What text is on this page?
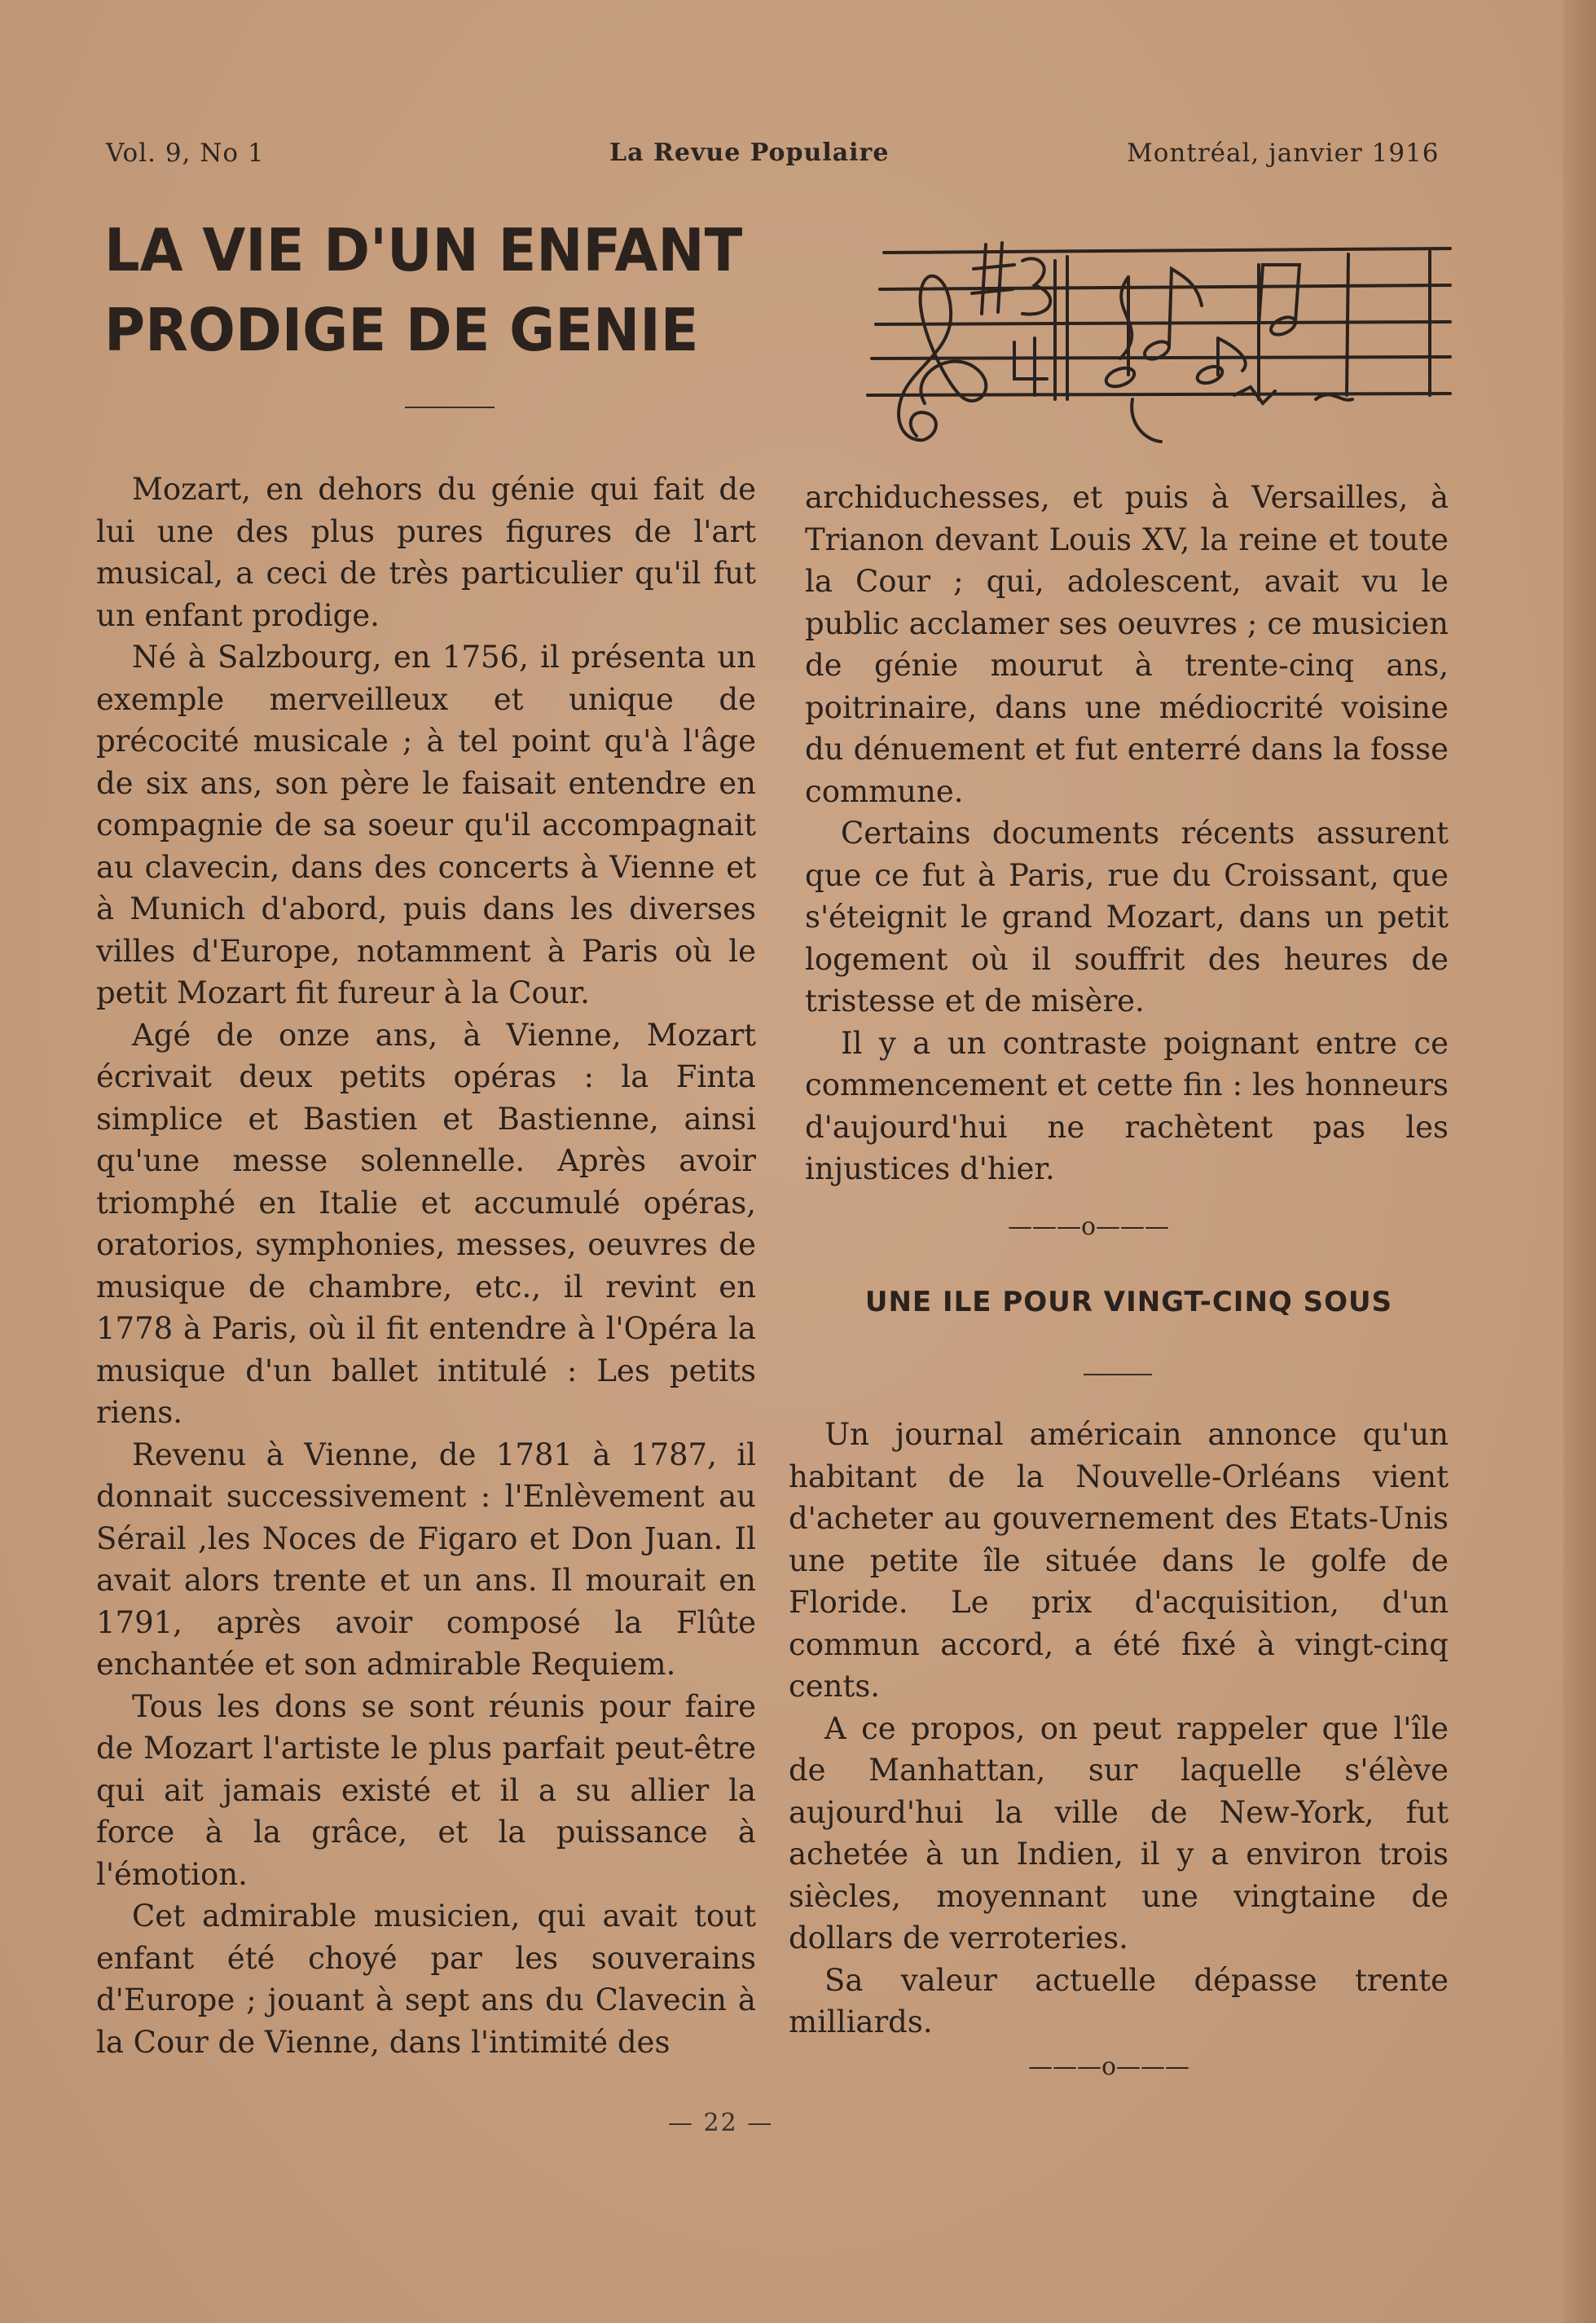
Vol. 9, No 1	La Revue Populaire	Montréal, janvier 1916
LA VIE D'UN ENFANT
PRODIGE DE GENIE

Mozart, en dehors du génie qui fait de lui une des plus pures figures de l'art musical, a ceci de très particulier qu'il fut un enfant prodige.

Né à Salzbourg, en 1756, il présenta un exemple merveilleux et unique de précocité musicale ; à tel point qu'à l'âge de six ans, son père le faisait entendre en compagnie de sa soeur qu'il accompagnait au clavecin, dans des concerts à Vienne et à Munich d'abord, puis dans les diverses villes d'Europe, notamment à Paris où le petit Mozart fit fureur à la Cour.

Agé de onze ans, à Vienne, Mozart écrivait deux petits opéras : la Finta simplice et Bastien et Bastienne, ainsi qu'une messe solennelle. Après avoir triomphé en Italie et accumulé opéras, oratorios, symphonies, messes, oeuvres de musique de chambre, etc., il revint en 1778 à Paris, où il fit entendre à l'Opéra la musique d'un ballet intitulé : Les petits riens.

Revenu à Vienne, de 1781 à 1787, il donnait successivement : l'Enlèvement au Sérail ,les Noces de Figaro et Don Juan. Il avait alors trente et un ans. Il mourait en 1791, après avoir composé la Flûte enchantée et son admirable Requiem.

Tous les dons se sont réunis pour faire de Mozart l'artiste le plus parfait peut-être qui ait jamais existé et il a su allier la force à la grâce, et la puissance à l'émotion.

Cet admirable musicien, qui avait tout enfant été choyé par les souverains d'Europe ; jouant à sept ans du Clavecin à la Cour de Vienne, dans l'intimité des

archiduchesses, et puis à Versailles, à Trianon devant Louis XV, la reine et toute la Cour ; qui, adolescent, avait vu le public acclamer ses oeuvres ; ce musicien de génie mourut à trente-cinq ans, poitrinaire, dans une médiocrité voisine du dénuement et fut enterré dans la fosse commune.

Certains documents récents assurent que ce fut à Paris, rue du Croissant, que s'éteignit le grand Mozart, dans un petit logement où il souffrit des heures de tristesse et de misère.

Il y a un contraste poignant entre ce commencement et cette fin : les honneurs d'aujourd'hui ne rachètent pas les injustices d'hier.

———o———
UNE ILE POUR VINGT-CINQ SOUS

Un journal américain annonce qu'un habitant de la Nouvelle-Orléans vient d'acheter au gouvernement des Etats-Unis une petite île située dans le golfe de Floride. Le prix d'acquisition, d'un commun accord, a été fixé à vingt-cinq cents.

A ce propos, on peut rappeler que l'île de Manhattan, sur laquelle s'élève aujourd'hui la ville de New-York, fut achetée à un Indien, il y a environ trois siècles, moyennant une vingtaine de dollars de verroteries.

Sa valeur actuelle dépasse trente milliards.

———o———
— 22 —
